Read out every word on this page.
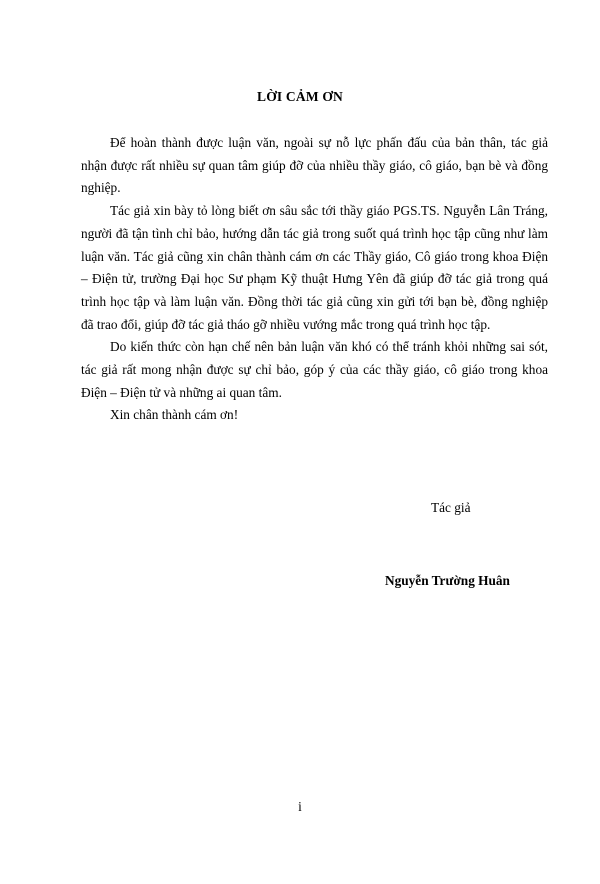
LỜI CẢM ƠN

Để hoàn thành được luận văn, ngoài sự nỗ lực phấn đấu của bản thân, tác giả nhận được rất nhiều sự quan tâm giúp đỡ của nhiều thầy giáo, cô giáo, bạn bè và đồng nghiệp.

Tác giả xin bày tỏ lòng biết ơn sâu sắc tới thầy giáo PGS.TS. Nguyễn Lân Tráng, người đã tận tình chỉ bảo, hướng dẫn tác giả trong suốt quá trình học tập cũng như làm luận văn. Tác giả cũng xin chân thành cám ơn các Thầy giáo, Cô giáo trong khoa Điện – Điện tử, trường Đại học Sư phạm Kỹ thuật Hưng Yên đã giúp đỡ tác giả trong quá trình học tập và làm luận văn. Đồng thời tác giả cũng xin gửi tới bạn bè, đồng nghiệp đã trao đổi, giúp đỡ tác giả tháo gỡ nhiều vướng mắc trong quá trình học tập.

Do kiến thức còn hạn chế nên bản luận văn khó có thể tránh khỏi những sai sót, tác giả rất mong nhận được sự chỉ bảo, góp ý của các thầy giáo, cô giáo trong khoa Điện – Điện tử và những ai quan tâm.

Xin chân thành cám ơn!

Tác giả
Nguyễn Trường Huân
i
